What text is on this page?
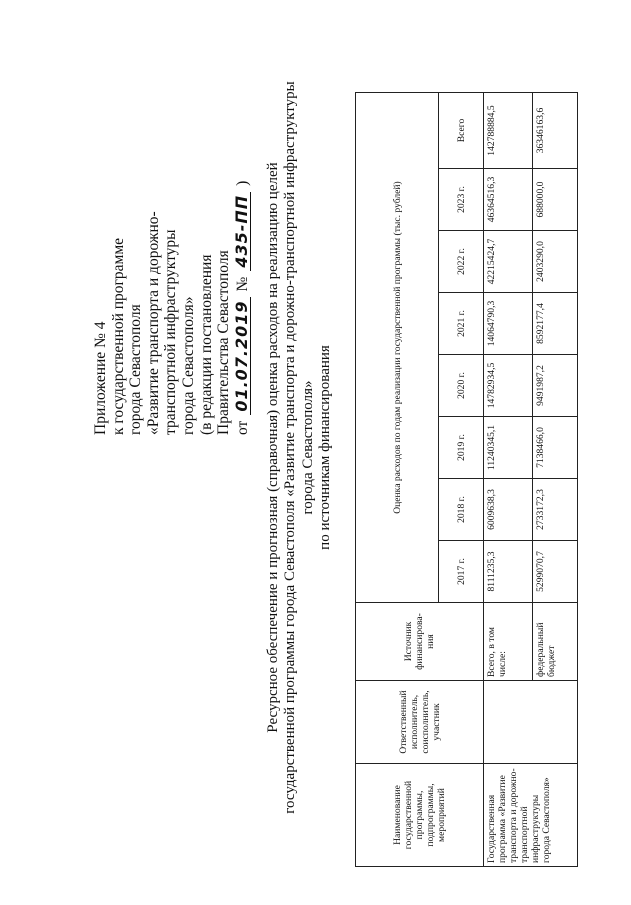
Приложение № 4 к государственной программе города Севастополя «Развитие транспорта и дорожно- транспортной инфраструктуры города Севастополя» (в редакции постановления Правительства Севастополя от
01.07.2019
№
435-ПП
) Ресурсное обеспечение и прогнозная (справочная) оценка расходов на реализацию целей государственной программы города Севастополя «Развитие транспорта и дорожно-транспортной инфраструктуры города Севастополя» по источникам финансирования
Наименование государственной программы, подпрограммы, мероприятий	Ответственный исполнитель, соисполнитель, участник	Источник финансирова-ния	Оценка расходов по годам реализации государственной программы (тыс. рублей)							
			2017 г.	2018 г.	2019 г.	2020 г.	2021 г.	2022 г.	2023 г.	Всего
Государственная программа «Развитие транспорта и дорожно-транспортной инфраструктуры города Севастополя»		Всего, в том числе:	8111235,3	6009638,3	11240345,1	14782934,5	14064790,3	42215424,7	46364516,3	142788884,5
		федеральный бюджет	5299070,7	2733172,3	7138466,0	9491987,2	8592177,4	2403290,0	688000,0	36346163,6
